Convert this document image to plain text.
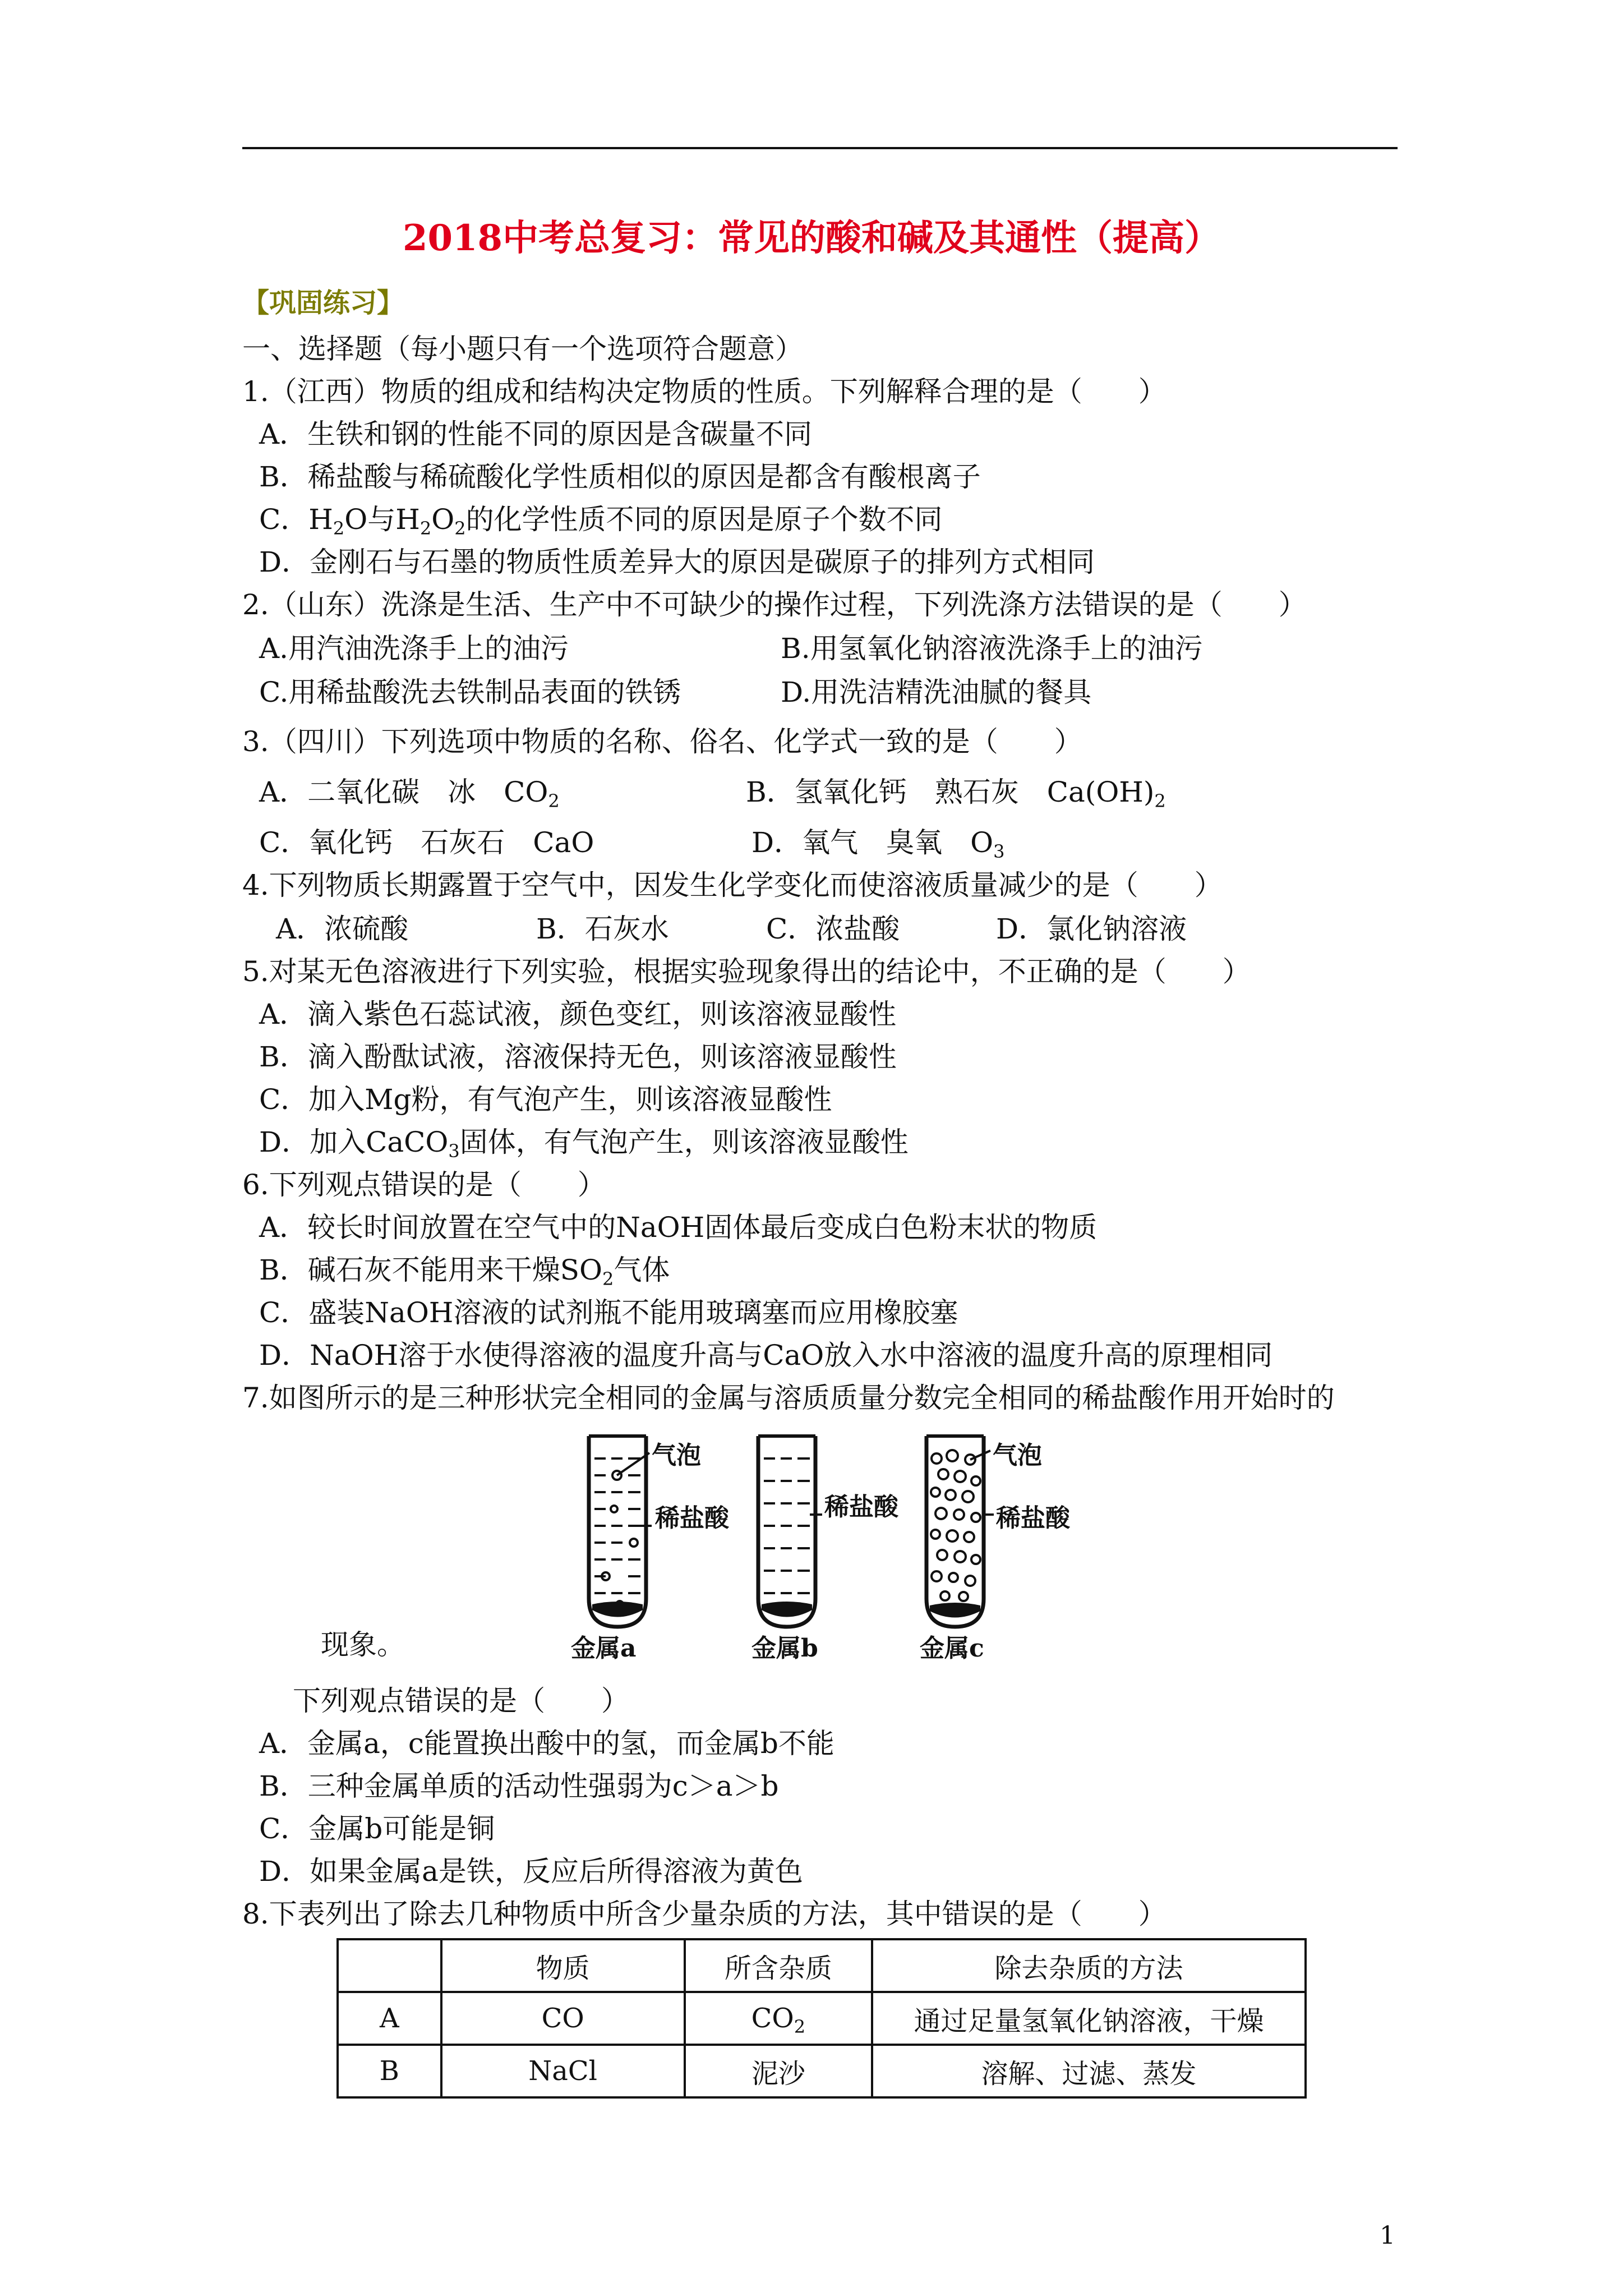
2018中考总复习：常见的酸和碱及其通性（提高）
【巩固练习】
一、选择题（每小题只有一个选项符合题意）
1.（江西）物质的组成和结构决定物质的性质。下列解释合理的是（　　）
A．生铁和钢的性能不同的原因是含碳量不同
B．稀盐酸与稀硫酸化学性质相似的原因是都含有酸根离子
C．$H_2O$与$H_2O_2$的化学性质不同的原因是原子个数不同
D．金刚石与石墨的物质性质差异大的原因是碳原子的排列方式相同
2.（山东）洗涤是生活、生产中不可缺少的操作过程，下列洗涤方法错误的是（　　）
A.用汽油洗涤手上的油污	B.用氢氧化钠溶液洗涤手上的油污
C.用稀盐酸洗去铁制品表面的铁锈	D.用洗洁精洗油腻的餐具
3.（四川）下列选项中物质的名称、俗名、化学式一致的是（　　）
A．二氧化碳　冰　$CO_2$	B．氢氧化钙　熟石灰　$Ca(OH)_2$
C．氧化钙　石灰石　CaO	D．氧气　臭氧　$O_3$
4.下列物质长期露置于空气中，因发生化学变化而使溶液质量减少的是（　　）
A．浓硫酸	B．石灰水	C．浓盐酸	D．氯化钠溶液
5.对某无色溶液进行下列实验，根据实验现象得出的结论中，不正确的是（　　）
A．滴入紫色石蕊试液，颜色变红，则该溶液显酸性
B．滴入酚酞试液，溶液保持无色，则该溶液显酸性
C．加入Mg粉，有气泡产生，则该溶液显酸性
D．加入CaCO$_3$固体，有气泡产生，则该溶液显酸性
6.下列观点错误的是（　　）
A．较长时间放置在空气中的NaOH固体最后变成白色粉末状的物质
B．碱石灰不能用来干燥$SO_2$气体
C．盛装NaOH溶液的试剂瓶不能用玻璃塞而应用橡胶塞
D．NaOH溶于水使得溶液的温度升高与CaO放入水中溶液的温度升高的原理相同
7.如图所示的是三种形状完全相同的金属与溶质质量分数完全相同的稀盐酸作用开始时的
气泡
稀盐酸	稀盐酸
气泡
稀盐酸
金属a	金属b	金属c
现象。
下列观点错误的是（　　）
A．金属a，c能置换出酸中的氢，而金属b不能
B．三种金属单质的活动性强弱为c＞a＞b
C．金属b可能是铜
D．如果金属a是铁，反应后所得溶液为黄色
8.下表列出了除去几种物质中所含少量杂质的方法，其中错误的是（　　）
	物质	所含杂质	除去杂质的方法
A	CO	$CO_2$	通过足量氢氧化钠溶液，干燥
B	NaCl	泥沙	溶解、过滤、蒸发
1
